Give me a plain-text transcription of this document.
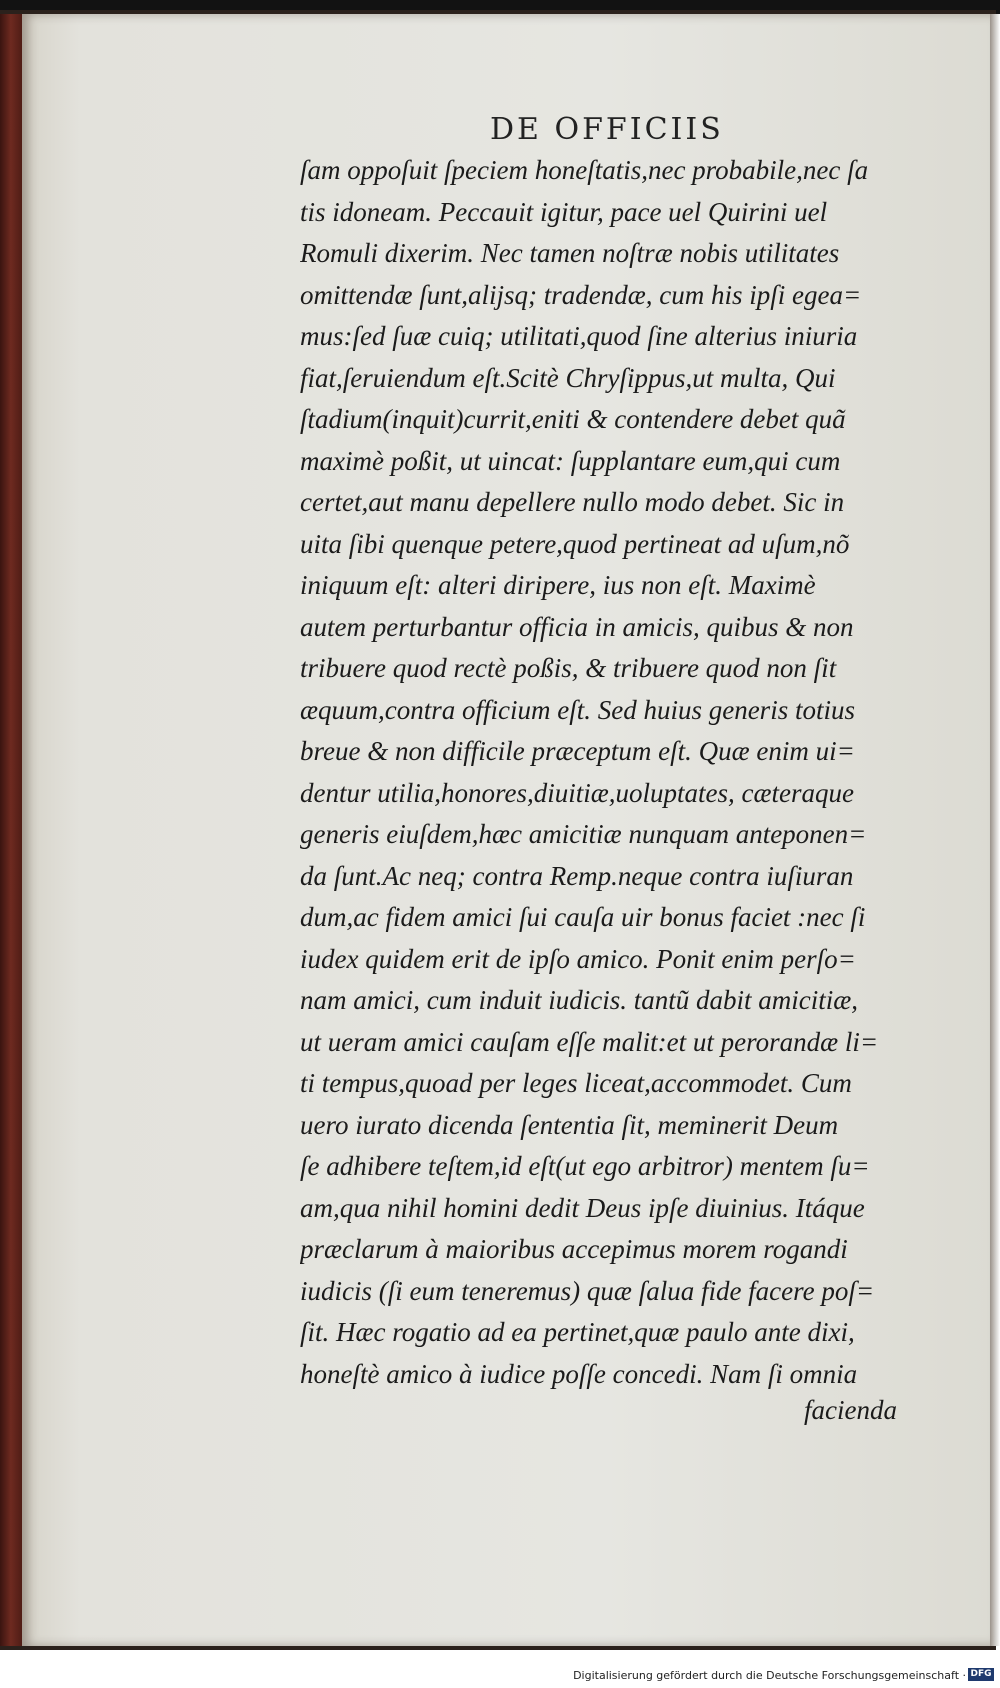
DE OFFICIIS
ſam oppoſuit ſpeciem honeſtatis,nec probabile,nec ſa
tis idoneam. Peccauit igitur, pace uel Quirini uel
Romuli dixerim. Nec tamen noſtræ nobis utilitates
omittendæ ſunt,alijsq; tradendæ, cum his ipſi egea=
mus:ſed ſuæ cuiq; utilitati,quod ſine alterius iniuria
fiat,ſeruiendum eſt.Scitè Chryſippus,ut multa, Qui
ſtadium(inquit)currit,eniti & contendere debet quã
maximè poßit, ut uincat: ſupplantare eum,qui cum
certet,aut manu depellere nullo modo debet. Sic in
uita ſibi quenque petere,quod pertineat ad uſum,nõ
iniquum eſt: alteri diripere, ius non eſt. Maximè
autem perturbantur officia in amicis, quibus & non
tribuere quod rectè poßis, & tribuere quod non ſit
æquum,contra officium eſt. Sed huius generis totius
breue & non difficile præceptum eſt. Quæ enim ui=
dentur utilia,honores,diuitiæ,uoluptates, cæteraque
generis eiuſdem,hæc amicitiæ nunquam anteponen=
da ſunt.Ac neq; contra Remp.neque contra iuſiuran
dum,ac fidem amici ſui cauſa uir bonus faciet :nec ſi
iudex quidem erit de ipſo amico. Ponit enim perſo=
nam amici, cum induit iudicis. tantũ dabit amicitiæ,
ut ueram amici cauſam eſſe malit:et ut perorandæ li=
ti tempus,quoad per leges liceat,accommodet. Cum
uero iurato dicenda ſententia ſit, meminerit Deum
ſe adhibere teſtem,id eſt(ut ego arbitror) mentem ſu=
am,qua nihil homini dedit Deus ipſe diuinius. Itáque
præclarum à maioribus accepimus morem rogandi
iudicis (ſi eum teneremus) quæ ſalua fide facere poſ=
ſit. Hæc rogatio ad ea pertinet,quæ paulo ante dixi,
honeſtè amico à iudice poſſe concedi. Nam ſi omnia
facienda
Digitalisierung gefördert durch die Deutsche Forschungsgemeinschaft · DFG
